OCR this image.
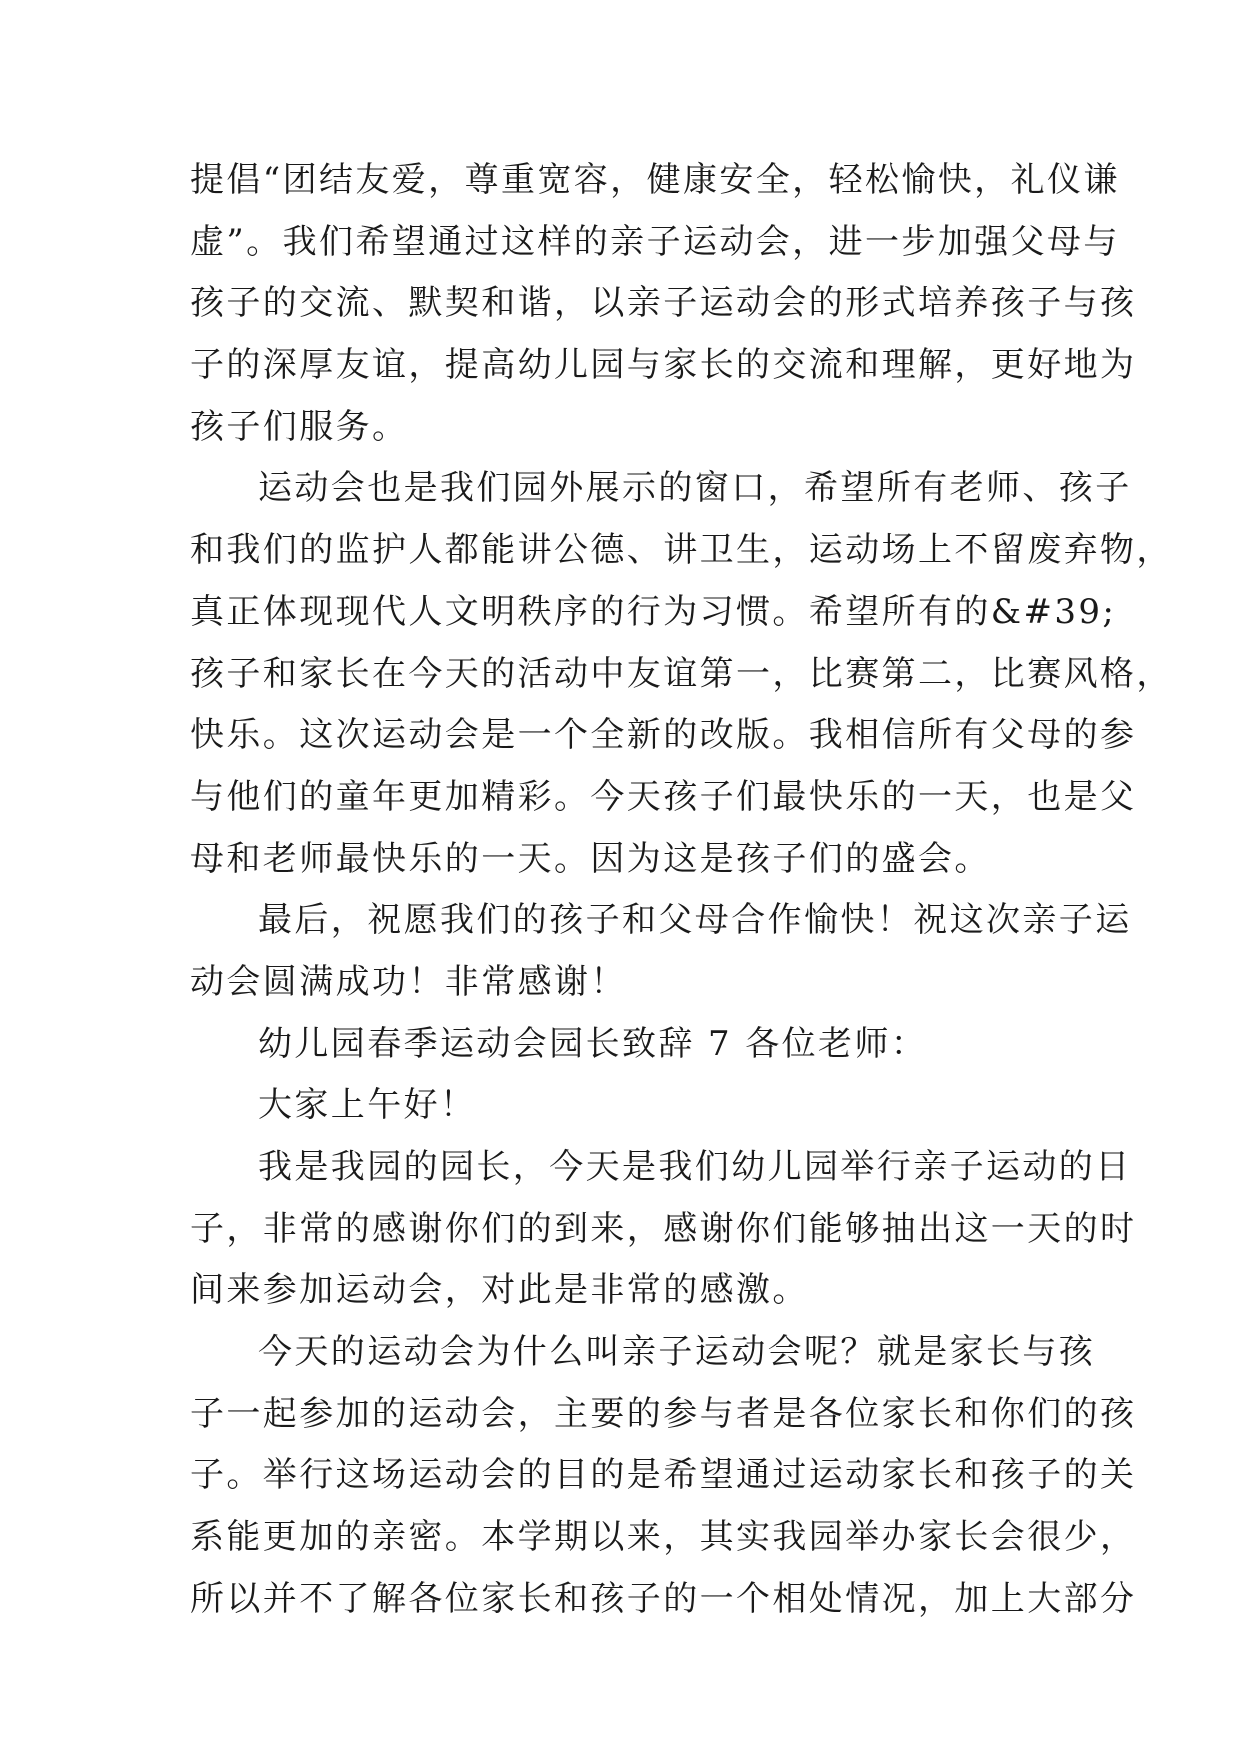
提倡“团结友爱，尊重宽容，健康安全，轻松愉快，礼仪谦
虚”。我们希望通过这样的亲子运动会，进一步加强父母与
孩子的交流、默契和谐，以亲子运动会的形式培养孩子与孩
子的深厚友谊，提高幼儿园与家长的交流和理解，更好地为
孩子们服务。
运动会也是我们园外展示的窗口，希望所有老师、孩子
和我们的监护人都能讲公德、讲卫生，运动场上不留废弃物，
真正体现现代人文明秩序的行为习惯。希望所有的&#39;
孩子和家长在今天的活动中友谊第一，比赛第二，比赛风格，
快乐。这次运动会是一个全新的改版。我相信所有父母的参
与他们的童年更加精彩。今天孩子们最快乐的一天，也是父
母和老师最快乐的一天。因为这是孩子们的盛会。
最后，祝愿我们的孩子和父母合作愉快！祝这次亲子运
动会圆满成功！非常感谢！
幼儿园春季运动会园长致辞 7 各位老师：
大家上午好！
我是我园的园长，今天是我们幼儿园举行亲子运动的日
子，非常的感谢你们的到来，感谢你们能够抽出这一天的时
间来参加运动会，对此是非常的感激。
今天的运动会为什么叫亲子运动会呢？就是家长与孩
子一起参加的运动会，主要的参与者是各位家长和你们的孩
子。举行这场运动会的目的是希望通过运动家长和孩子的关
系能更加的亲密。本学期以来，其实我园举办家长会很少，
所以并不了解各位家长和孩子的一个相处情况，加上大部分
